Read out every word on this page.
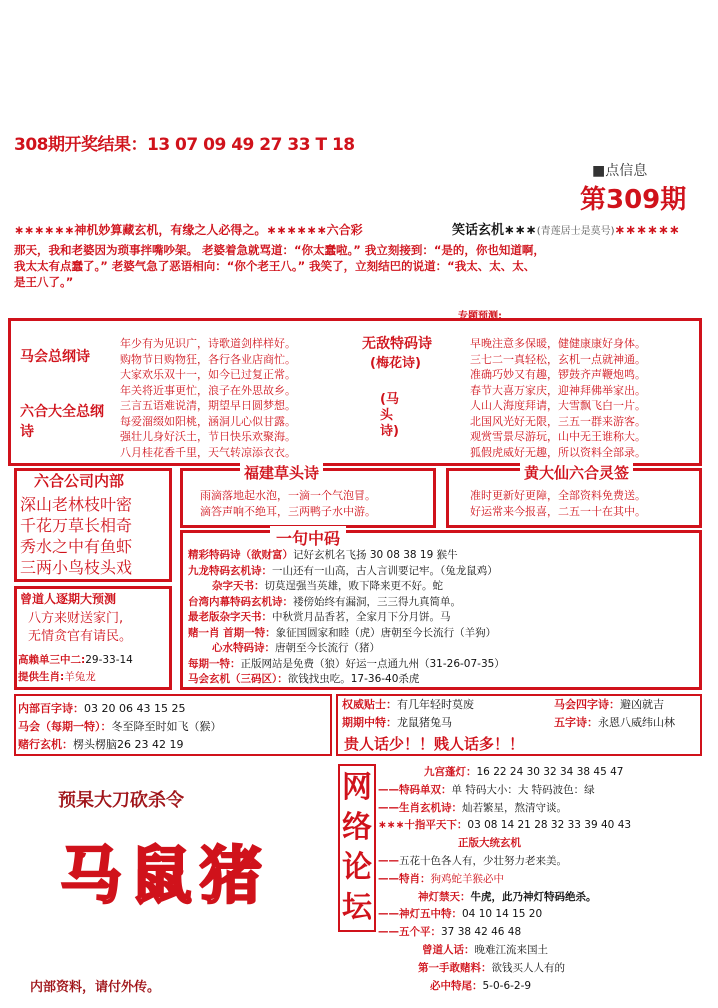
308期开奖结果：13 07 09 49 27 33 T 18
■点信息
第309期
∗∗∗∗∗∗神机妙算藏玄机，有缘之人必得之。∗∗∗∗∗∗六合彩	笑话玄机∗∗∗(青莲居士是莫号)∗∗∗∗∗∗
那天，我和老婆因为琐事拌嘴吵架。 老婆着急就骂道：“你太蠢啦。” 我立刻接到：“是的，你也知道啊，
我太太有点蠢了。” 老婆气急了恶语相向：“你个老王八。” 我笑了，立刻结巴的说道：“我太、太、太、
是王八了。”
专题预测:
马会总纲诗
六合大全总纲诗
年少有为见识广，诗歌道剑样样好。
购物节日购物狂，各行各业店商忙。
大家欢乐双十一，如今已过复正常。
年关将近事更忙，浪子在外思故乡。
三言五语难说清，期望早日圆梦想。
每爱溜缀如阳桃，涵洞儿心似甘露。
强壮儿身好沃土，节日快乐欢聚海。
八月桂花香千里，天气转凉添衣衣。
无敌特码诗
(梅花诗)
(马头诗)
早晚注意多保暖，健健康康好身体。
三七二一真轻松，玄机一点就神通。
准确巧妙又有趣，锣鼓齐声鞭炮鸣。
春节大喜万家庆，迎神拜佛举家出。
人山人海度拜请，大雪飘飞白一片。
北国风光好无限，三五一群来游客。
观赏雪景尽游玩，山中无王谁称大。
狐假虎威好无趣，所以资料全部录。
六合公司内部
深山老林枝叶密
千花万草长相奇
秀水之中有鱼虾
三两小鸟枝头戏
福建草头诗
雨滴落地起水泡，一滴一个气泡冒。
滴答声响不绝耳，三两鸭子水中游。
黄大仙六合灵签
准时更新好更障，全部资料免费送。
好运常来今报喜，二五一十在其中。
一句中码
精彩特码诗（欲财富）记好玄机名飞扬 30 08 38 19 猴牛
九龙特码玄机诗：一山还有一山高，古人言训要记牢。（兔龙鼠鸡）
杂字天书：切莫逞强当英雄，败下降来更不好。蛇
台湾内幕特码玄机诗：褛傍始终有漏洞，三三得九真简单。
最老版杂字天书：中秋赏月品香茗，全家月下分月饼。马
赌一肖 首期一特：象征国圆家和睦（虎）唐朝至今长流行（羊狗）
心水特码诗：唐朝至今长流行（猪）
每期一特：正版网站是免费（狼）好运一点通九州（31-26-07-35）
马会玄机（三码区）：欲钱找虫吃。17-36-40杀虎
曾道人逐期大预测
八方来财送家门,
无情贪官有请民。
高赖单三中二:29-33-14
提供生肖:羊兔龙
内部百字诗：03 20 06 43 15 25
马会（每期一特）：冬至降至时如飞（猴）
赌行玄机：楞头楞脑26 23 42 19
权威贴士：有几年轻时莫废
期期中特：龙鼠猪兔马
马会四字诗：避凶就吉
五字诗：永恩八威纬山林
贵人话少！！贱人话多！！
预杲大刀砍杀令
马鼠猪
内部资料，请付外传。
网络论坛
九宫蓬灯：16 22 24 30 32 34 38 45 47
——特码单双：单 特码大小：大 特码波色：绿
——生肖玄机诗：灿若繁星，熬清守谈。
∗∗∗十指平天下：03 08 14 21 28 32 33 39 40 43
正版大统玄机
——五花十色各人有，少壮努力老来美。
——特肖：狗鸡蛇羊猴必中
神灯禁天：牛虎，此乃神灯特码绝杀。
——神灯五中特：04 10 14 15 20
——五个平：37 38 42 46 48
曾道人话：晚难江流来国土
第一手敢赌料：欲钱买人人有的
必中特尾：5-0-6-2-9
